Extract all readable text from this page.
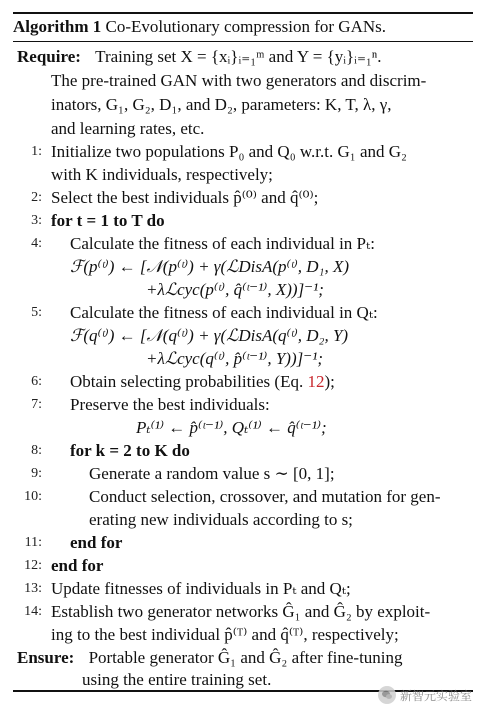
Algorithm 1 Co-Evolutionary compression for GANs.
Require: Training set X = {xᵢ}ᵢ₌₁ᵐ and Y = {yᵢ}ᵢ₌₁ⁿ.
The pre-trained GAN with two generators and discrim-
inators, G₁, G₂, D₁, and D₂, parameters: K, T, λ, γ,
and learning rates, etc.
1: Initialize two populations P₀ and Q₀ w.r.t. G₁ and G₂
with K individuals, respectively;
2: Select the best individuals p̂⁽⁰⁾ and q̂⁽⁰⁾;
3: for t = 1 to T do
4: Calculate the fitness of each individual in Pₜ:
ℱ(p⁽ᵗ⁾) ← [𝒩(p⁽ᵗ⁾) + γ(ℒDisA(p⁽ᵗ⁾, D₁, X)
+λℒcyc(p⁽ᵗ⁾, q̂⁽ᵗ⁻¹⁾, X))]⁻¹;
5: Calculate the fitness of each individual in Qₜ:
ℱ(q⁽ᵗ⁾) ← [𝒩(q⁽ᵗ⁾) + γ(ℒDisA(q⁽ᵗ⁾, D₂, Y)
+λℒcyc(q⁽ᵗ⁾, p̂⁽ᵗ⁻¹⁾, Y))]⁻¹;
6: Obtain selecting probabilities (Eq. 12);
7: Preserve the best individuals:
Pₜ⁽¹⁾ ← p̂⁽ᵗ⁻¹⁾, Qₜ⁽¹⁾ ← q̂⁽ᵗ⁻¹⁾;
8: for k = 2 to K do
9:	Generate a random value s ∼ [0, 1];
10:	Conduct selection, crossover, and mutation for gen-
erating new individuals according to s;
11: end for
12: end for
13: Update fitnesses of individuals in Pₜ and Qₜ;
14: Establish two generator networks Ĝ₁ and Ĝ₂ by exploit-
ing to the best individual p̂⁽ᵀ⁾ and q̂⁽ᵀ⁾, respectively;
Ensure: Portable generator Ĝ₁ and Ĝ₂ after fine-tuning
using the entire training set.
新智元实验室
